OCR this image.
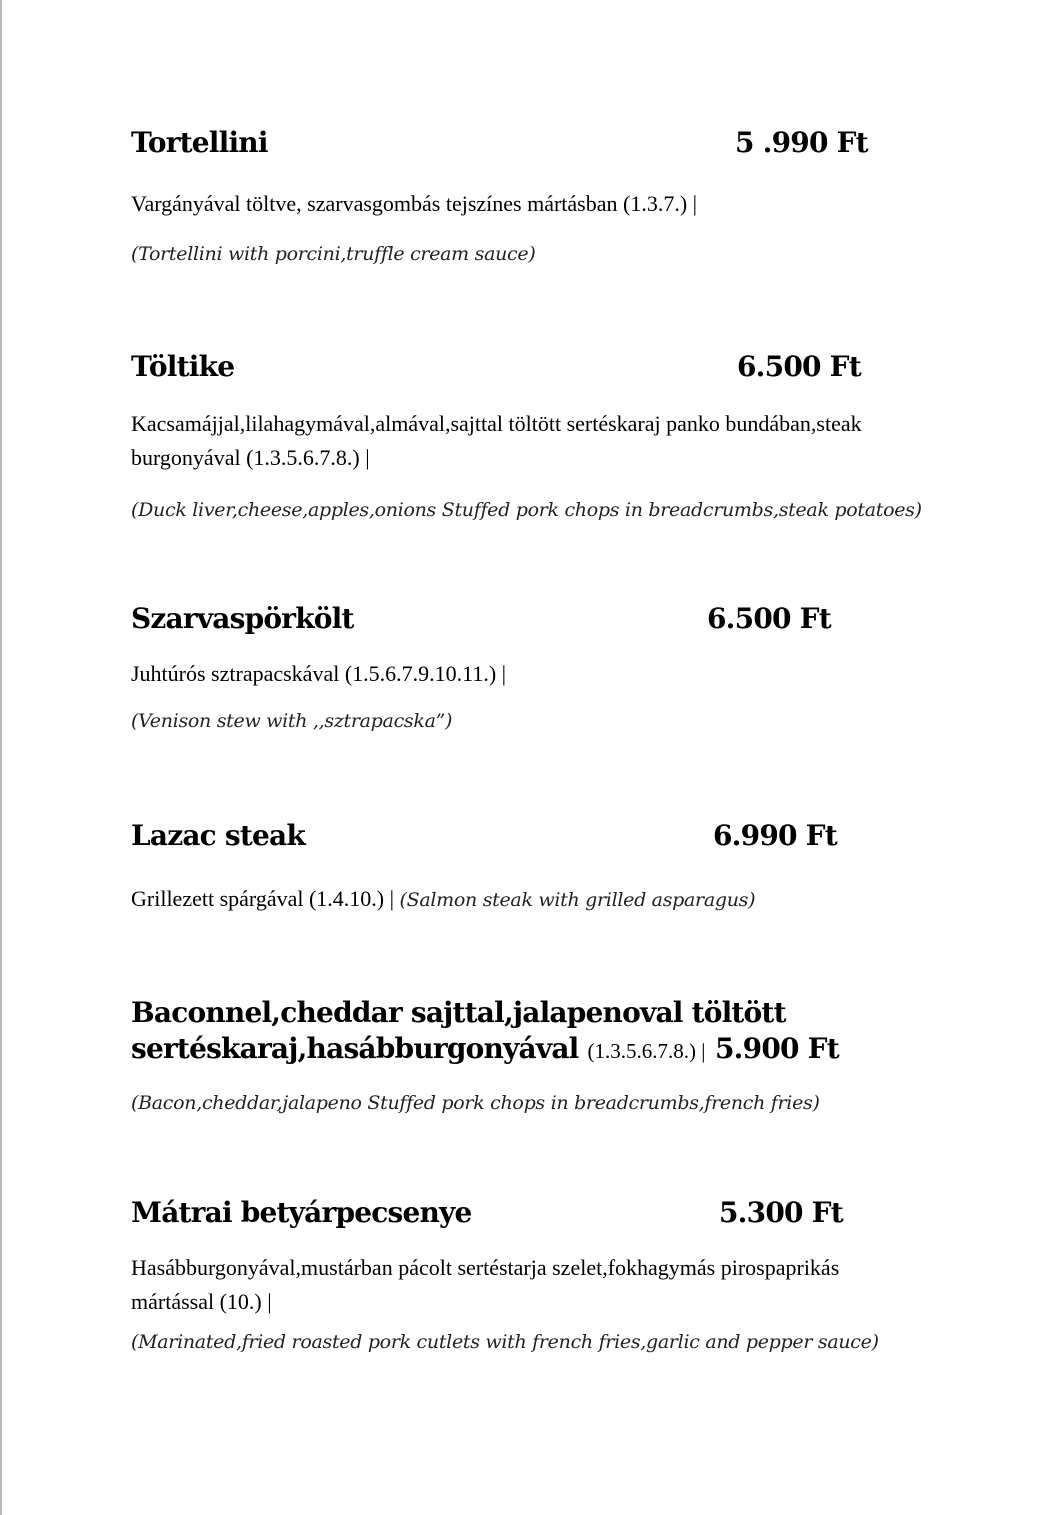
Tortellini	5 .990 Ft

Vargányával töltve, szarvasgombás tejszínes mártásban (1.3.7.) |

(Tortellini with porcini,truffle cream sauce)

Töltike	6.500 Ft

Kacsamájjal,lilahagymával,almával,sajttal töltött sertéskaraj panko bundában,steak burgonyával (1.3.5.6.7.8.) |

(Duck liver,cheese,apples,onions Stuffed pork chops in breadcrumbs,steak potatoes)

Szarvaspörkölt	6.500 Ft

Juhtúrós sztrapacskával (1.5.6.7.9.10.11.) |

(Venison stew with ,,sztrapacska”)

Lazac steak	6.990 Ft

Grillezett spárgával (1.4.10.) | (Salmon steak with grilled asparagus)

Baconnel,cheddar sajttal,jalapenoval töltött sertéskaraj,hasábburgonyával (1.3.5.6.7.8.) | 5.900 Ft

(Bacon,cheddar,jalapeno Stuffed pork chops in breadcrumbs,french fries)

Mátrai betyárpecsenye	5.300 Ft

Hasábburgonyával,mustárban pácolt sertéstarja szelet,fokhagymás pirospaprikás mártással (10.) |

(Marinated,fried roasted pork cutlets with french fries,garlic and pepper sauce)
